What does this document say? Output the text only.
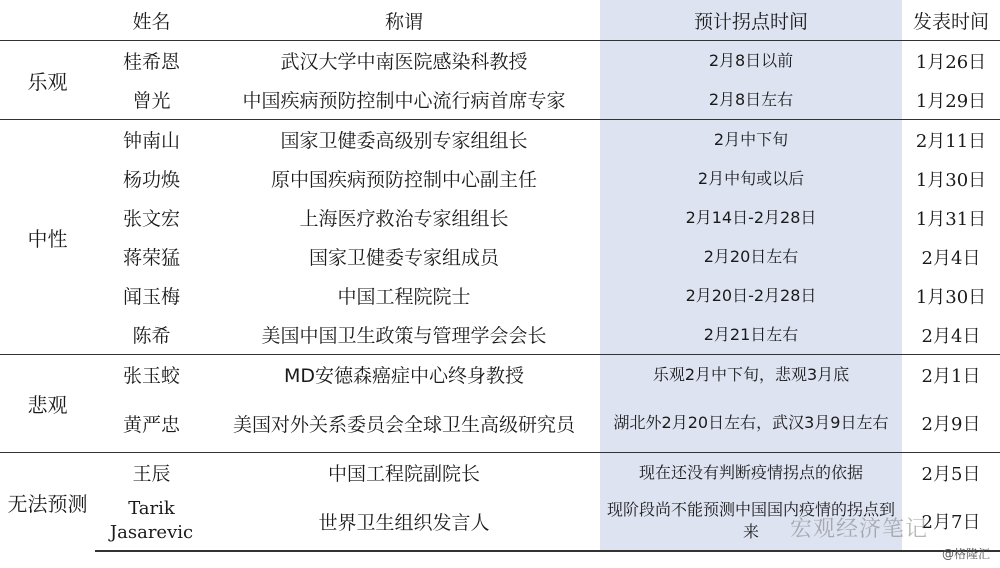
	姓名	称谓	预计拐点时间	发表时间
乐观	桂希恩	武汉大学中南医院感染科教授	2月8日以前	1月26日
	曾光	中国疾病预防控制中心流行病首席专家	2月8日左右	1月29日
中性	钟南山	国家卫健委高级别专家组组长	2月中下旬	2月11日
	杨功焕	原中国疾病预防控制中心副主任	2月中旬或以后	1月30日
	张文宏	上海医疗救治专家组组长	2月14日-2月28日	1月31日
	蒋荣猛	国家卫健委专家组成员	2月20日左右	2月4日
	闻玉梅	中国工程院院士	2月20日-2月28日	1月30日
	陈希	美国中国卫生政策与管理学会会长	2月21日左右	2月4日
悲观	张玉蛟	MD安德森癌症中心终身教授	乐观2月中下旬，悲观3月底	2月1日
	黄严忠	美国对外关系委员会全球卫生高级研究员	湖北外2月20日左右，武汉3月9日左右	2月9日
无法预测	王辰	中国工程院副院长	现在还没有判断疫情拐点的依据	2月5日
	Tarik Jasarevic	世界卫生组织发言人	现阶段尚不能预测中国国内疫情的拐点到来	2月7日
宏观经济笔记
@格隆汇
